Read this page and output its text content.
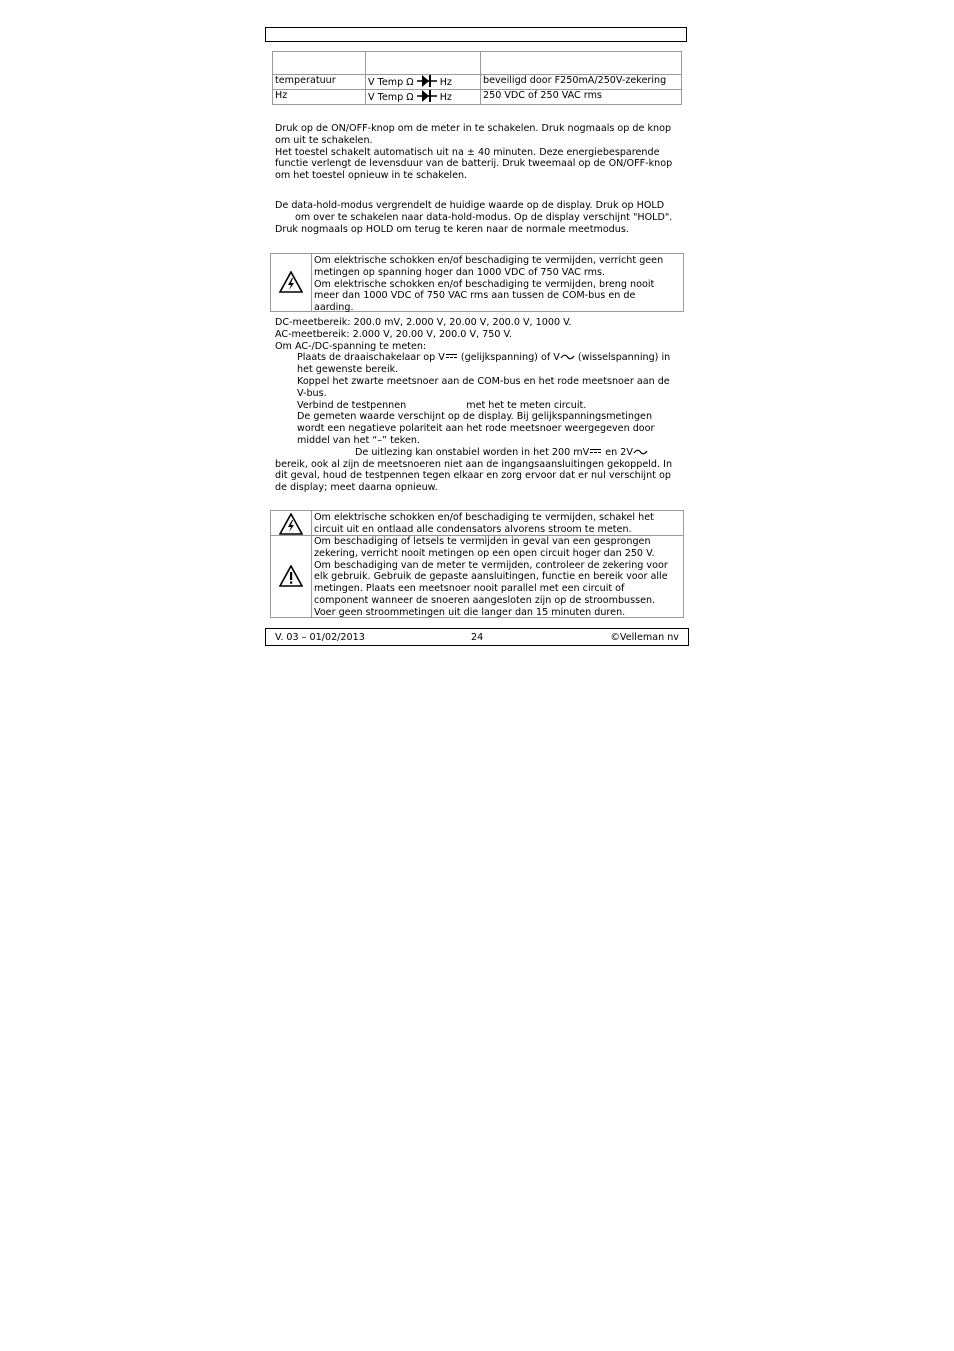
temperatuur	V Temp Ω Hz	beveiligd door F250mA/250V-zekering
Hz	V Temp Ω Hz	250 VDC of 250 VAC rms
Druk op de ON/OFF-knop om de meter in te schakelen. Druk nogmaals op de knop
om uit te schakelen.
Het toestel schakelt automatisch uit na ± 40 minuten. Deze energiebesparende
functie verlengt de levensduur van de batterij. Druk tweemaal op de ON/OFF-knop
om het toestel opnieuw in te schakelen.
De data-hold-modus vergrendelt de huidige waarde op de display. Druk op HOLD
om over te schakelen naar data-hold-modus. Op de display verschijnt "HOLD".
Druk nogmaals op HOLD om terug te keren naar de normale meetmodus.
Om elektrische schokken en/of beschadiging te vermijden, verricht geen
metingen op spanning hoger dan 1000 VDC of 750 VAC rms.
Om elektrische schokken en/of beschadiging te vermijden, breng nooit
meer dan 1000 VDC of 750 VAC rms aan tussen de COM-bus en de
aarding.
DC-meetbereik: 200.0 mV, 2.000 V, 20.00 V, 200.0 V, 1000 V.
AC-meetbereik: 2.000 V, 20.00 V, 200.0 V, 750 V.
Om AC-/DC-spanning te meten:
Plaats de draaischakelaar op V (gelijkspanning) of V (wisselspanning) in
het gewenste bereik.
Koppel het zwarte meetsnoer aan de COM-bus en het rode meetsnoer aan de
V-bus.
Verbind de testpennen	met het te meten circuit.
De gemeten waarde verschijnt op de display. Bij gelijkspanningsmetingen
wordt een negatieve polariteit aan het rode meetsnoer weergegeven door
middel van het “–” teken.
De uitlezing kan onstabiel worden in het 200 mV en 2V
bereik, ook al zijn de meetsnoeren niet aan de ingangsaansluitingen gekoppeld. In
dit geval, houd de testpennen tegen elkaar en zorg ervoor dat er nul verschijnt op
de display; meet daarna opnieuw.
Om elektrische schokken en/of beschadiging te vermijden, schakel het
circuit uit en ontlaad alle condensators alvorens stroom te meten.
Om beschadiging of letsels te vermijden in geval van een gesprongen
zekering, verricht nooit metingen op een open circuit hoger dan 250 V.
Om beschadiging van de meter te vermijden, controleer de zekering voor
elk gebruik. Gebruik de gepaste aansluitingen, functie en bereik voor alle
metingen. Plaats een meetsnoer nooit parallel met een circuit of
component wanneer de snoeren aangesloten zijn op de stroombussen.
Voer geen stroommetingen uit die langer dan 15 minuten duren.
V. 03 – 01/02/2013	24	©Velleman nv
